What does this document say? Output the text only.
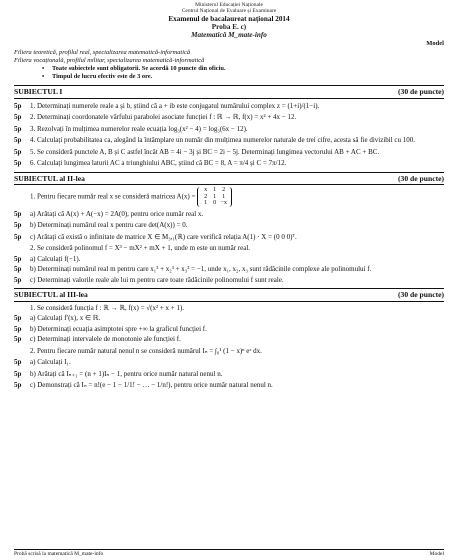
Ministerul Educației Naționale
Centrul Național de Evaluare și Examinare
Examenul de bacalaureat național 2014
Proba E. c)
Matematică M_mate-info
Model
Filiera teoretică, profilul real, specializarea matematică-informatică
Filiera vocațională, profilul militar, specializarea matematică-informatică
• Toate subiectele sunt obligatorii. Se acordă 10 puncte din oficiu.
• Timpul de lucru efectiv este de 3 ore.
SUBIECTUL I	(30 de puncte)
5p	1. Determinați numerele reale a și b, știind că a + ib este conjugatul numărului complex z = (1+i)/(1−i).
5p	2. Determinați coordonatele vârfului parabolei asociate funcției f : ℝ → ℝ, f(x) = x² + 4x − 12.
5p	3. Rezolvați în mulțimea numerelor reale ecuația log₃(x² − 4) = log₃(6x − 12).
5p	4. Calculați probabilitatea ca, alegând la întâmplare un număr din mulțimea numerelor naturale de trei cifre, acesta să fie divizibil cu 100.
5p	5. Se consideră punctele A, B și C astfel încât AB = 4i − 3j și BC = 2i − 5j. Determinați lungimea vectorului AB + AC + BC.
5p	6. Calculați lungimea laturii AC a triunghiului ABC, știind că BC = 8, A = π/4 și C = 7π/12.
SUBIECTUL al II-lea	(30 de puncte)
1. Pentru fiecare număr real x se consideră matricea A(x) =
x 1 2
2 1 1
1 0 −x
5p	a) Arătați că A(x) + A(−x) = 2A(0), pentru orice număr real x.
5p	b) Determinați numărul real x pentru care det(A(x)) = 0.
5p	c) Arătați că există o infinitate de matrice X ∈ M₃,₁(ℝ) care verifică relația A(1) · X = (0 0 0)ᵀ.
2. Se consideră polinomul f = X³ − mX² + mX + 1, unde m este un număr real.
5p	a) Calculați f(−1).
5p	b) Determinați numărul real m pentru care x₁³ + x₂³ + x₃³ = −1, unde x₁, x₂, x₃ sunt rădăcinile complexe ale polinomului f.
5p	c) Determinați valorile reale ale lui m pentru care toate rădăcinile polinomului f sunt reale.
SUBIECTUL al III-lea	(30 de puncte)
1. Se consideră funcția f : ℝ → ℝ, f(x) = √(x² + x + 1).
5p	a) Calculați f′(x), x ∈ ℝ.
5p	b) Determinați ecuația asimptotei spre +∞ la graficul funcției f.
5p	c) Determinați intervalele de monotonie ale funcției f.
2. Pentru fiecare număr natural nenul n se consideră numărul Iₙ = ∫₀¹ (1 − x)ⁿ eˣ dx.
5p	a) Calculați I₁.
5p	b) Arătați că Iₙ₊₁ = (n + 1)Iₙ − 1, pentru orice număr natural nenul n.
5p	c) Demonstrați că Iₙ = n!(e − 1 − 1/1! − … − 1/n!), pentru orice număr natural nenul n.
Probă scrisă la matematică M_mate-info	Model
